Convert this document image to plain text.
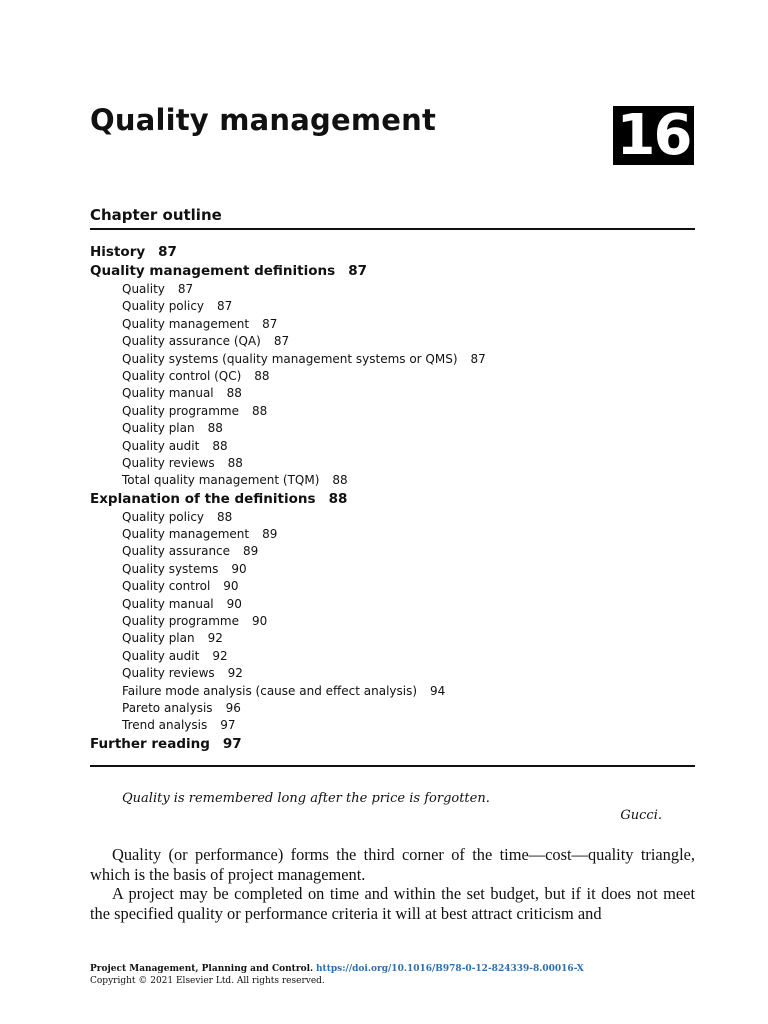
Quality management	16
Chapter outline
History 87
Quality management definitions 87
Quality 87
Quality policy 87
Quality management 87
Quality assurance (QA) 87
Quality systems (quality management systems or QMS) 87
Quality control (QC) 88
Quality manual 88
Quality programme 88
Quality plan 88
Quality audit 88
Quality reviews 88
Total quality management (TQM) 88
Explanation of the definitions 88
Quality policy 88
Quality management 89
Quality assurance 89
Quality systems 90
Quality control 90
Quality manual 90
Quality programme 90
Quality plan 92
Quality audit 92
Quality reviews 92
Failure mode analysis (cause and effect analysis) 94
Pareto analysis 96
Trend analysis 97
Further reading 97
Quality is remembered long after the price is forgotten.
Gucci.

Quality (or performance) forms the third corner of the time—cost—quality triangle, which is the basis of project management.

A project may be completed on time and within the set budget, but if it does not meet the specified quality or performance criteria it will at best attract criticism and

Project Management, Planning and Control. https://doi.org/10.1016/B978-0-12-824339-8.00016-X
Copyright © 2021 Elsevier Ltd. All rights reserved.
